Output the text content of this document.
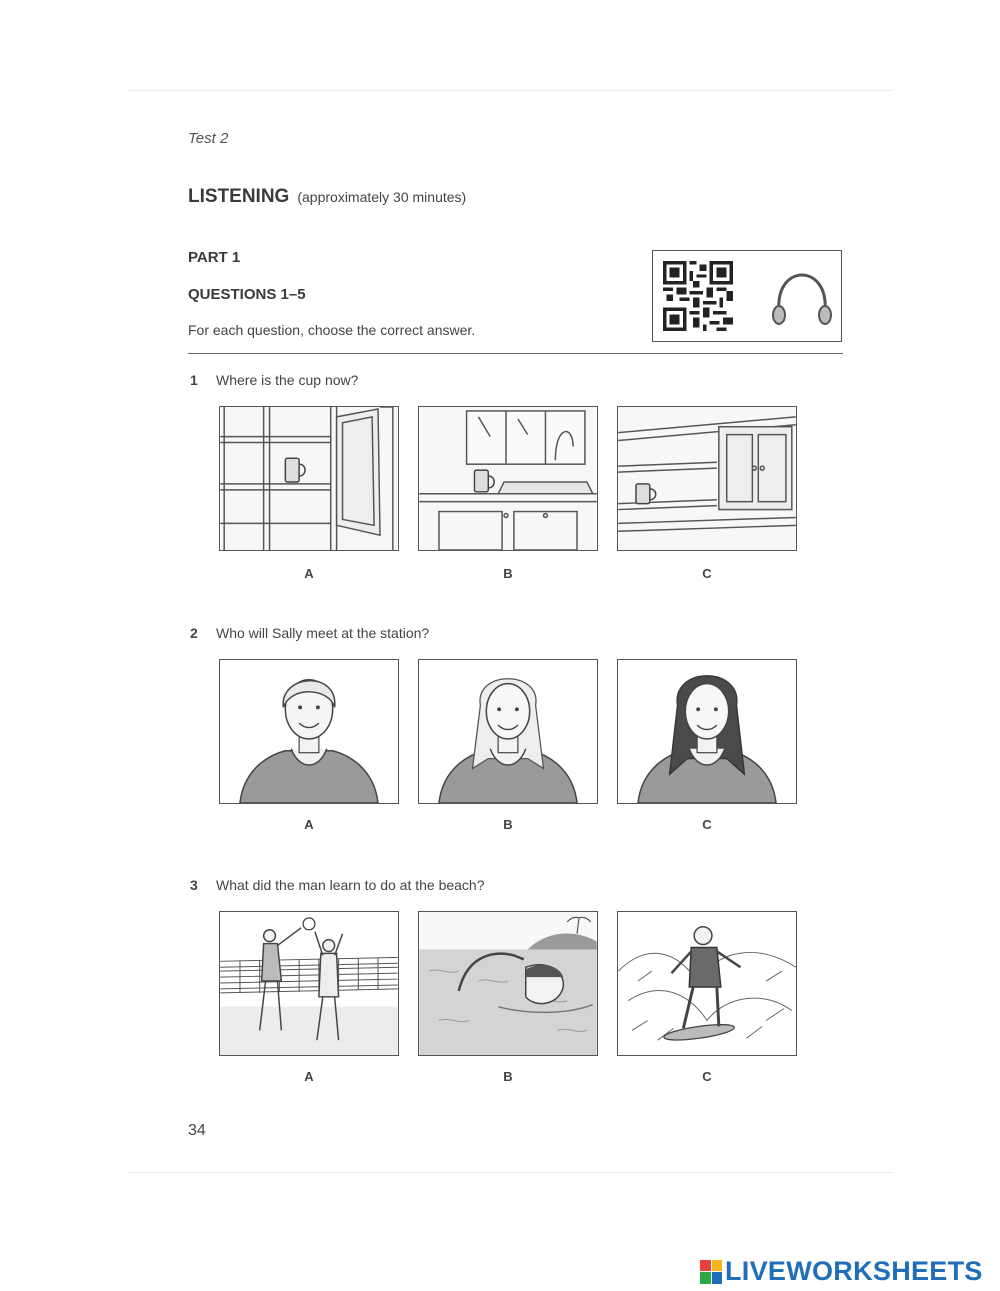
Test 2
LISTENING (approximately 30 minutes)
PART 1
QUESTIONS 1–5
For each question, choose the correct answer.
1 Where is the cup now?
A	B	C
2 Who will Sally meet at the station?
A	B	C
3 What did the man learn to do at the beach?
A	B	C
34
LIVEWORKSHEETS
